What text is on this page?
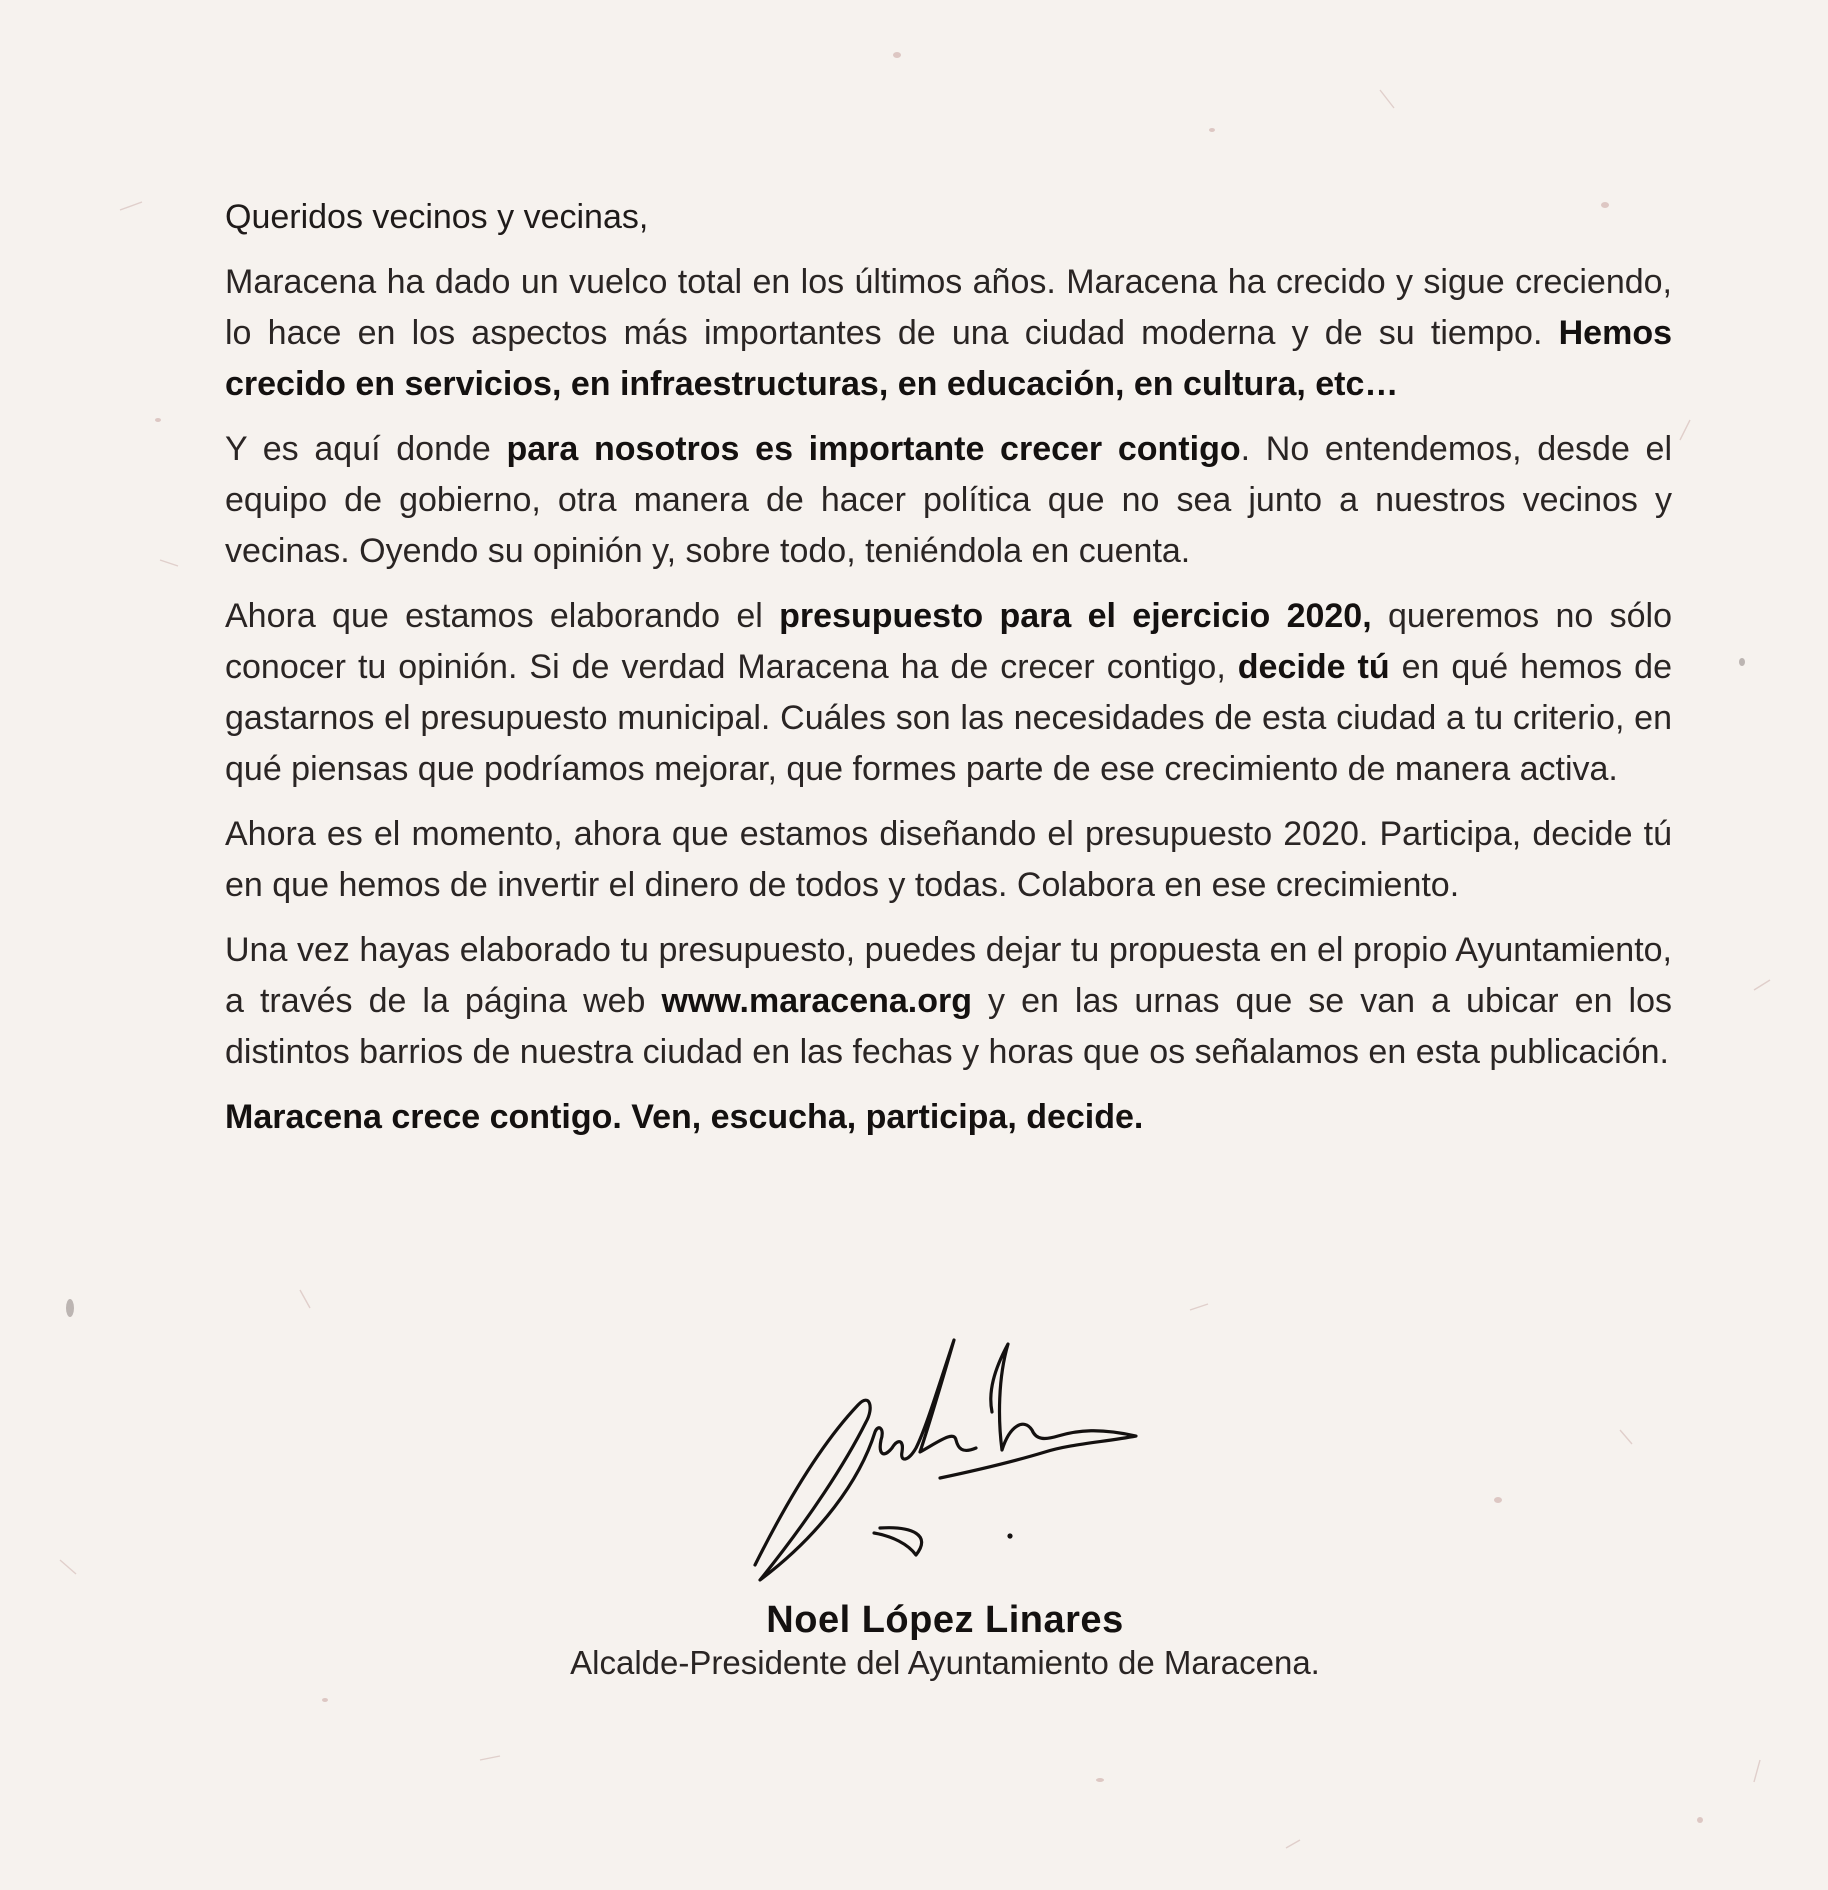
Queridos vecinos y vecinas,

Maracena ha dado un vuelco total en los últimos años. Maracena ha crecido y sigue creciendo, lo hace en los aspectos más importantes de una ciudad moderna y de su tiempo. Hemos crecido en servicios, en infraestructuras, en educación, en cultura, etc…

Y es aquí donde para nosotros es importante crecer contigo. No entendemos, desde el equipo de gobierno, otra manera de hacer política que no sea junto a nuestros vecinos y vecinas. Oyendo su opinión y, sobre todo, teniéndola en cuenta.

Ahora que estamos elaborando el presupuesto para el ejercicio 2020, queremos no sólo conocer tu opinión. Si de verdad Maracena ha de crecer contigo, decide tú en qué hemos de gastarnos el presupuesto municipal. Cuáles son las necesidades de esta ciudad a tu criterio, en qué piensas que podríamos mejorar, que formes parte de ese crecimiento de manera activa.

Ahora es el momento, ahora que estamos diseñando el presupuesto 2020. Participa, decide tú en que hemos de invertir el dinero de todos y todas. Colabora en ese crecimiento.

Una vez hayas elaborado tu presupuesto, puedes dejar tu propuesta en el propio Ayuntamiento, a través de la página web www.maracena.org y en las urnas que se van a ubicar en los distintos barrios de nuestra ciudad en las fechas y horas que os señalamos en esta publicación.

Maracena crece contigo. Ven, escucha, participa, decide.

Noel López Linares
Alcalde-Presidente del Ayuntamiento de Maracena.
